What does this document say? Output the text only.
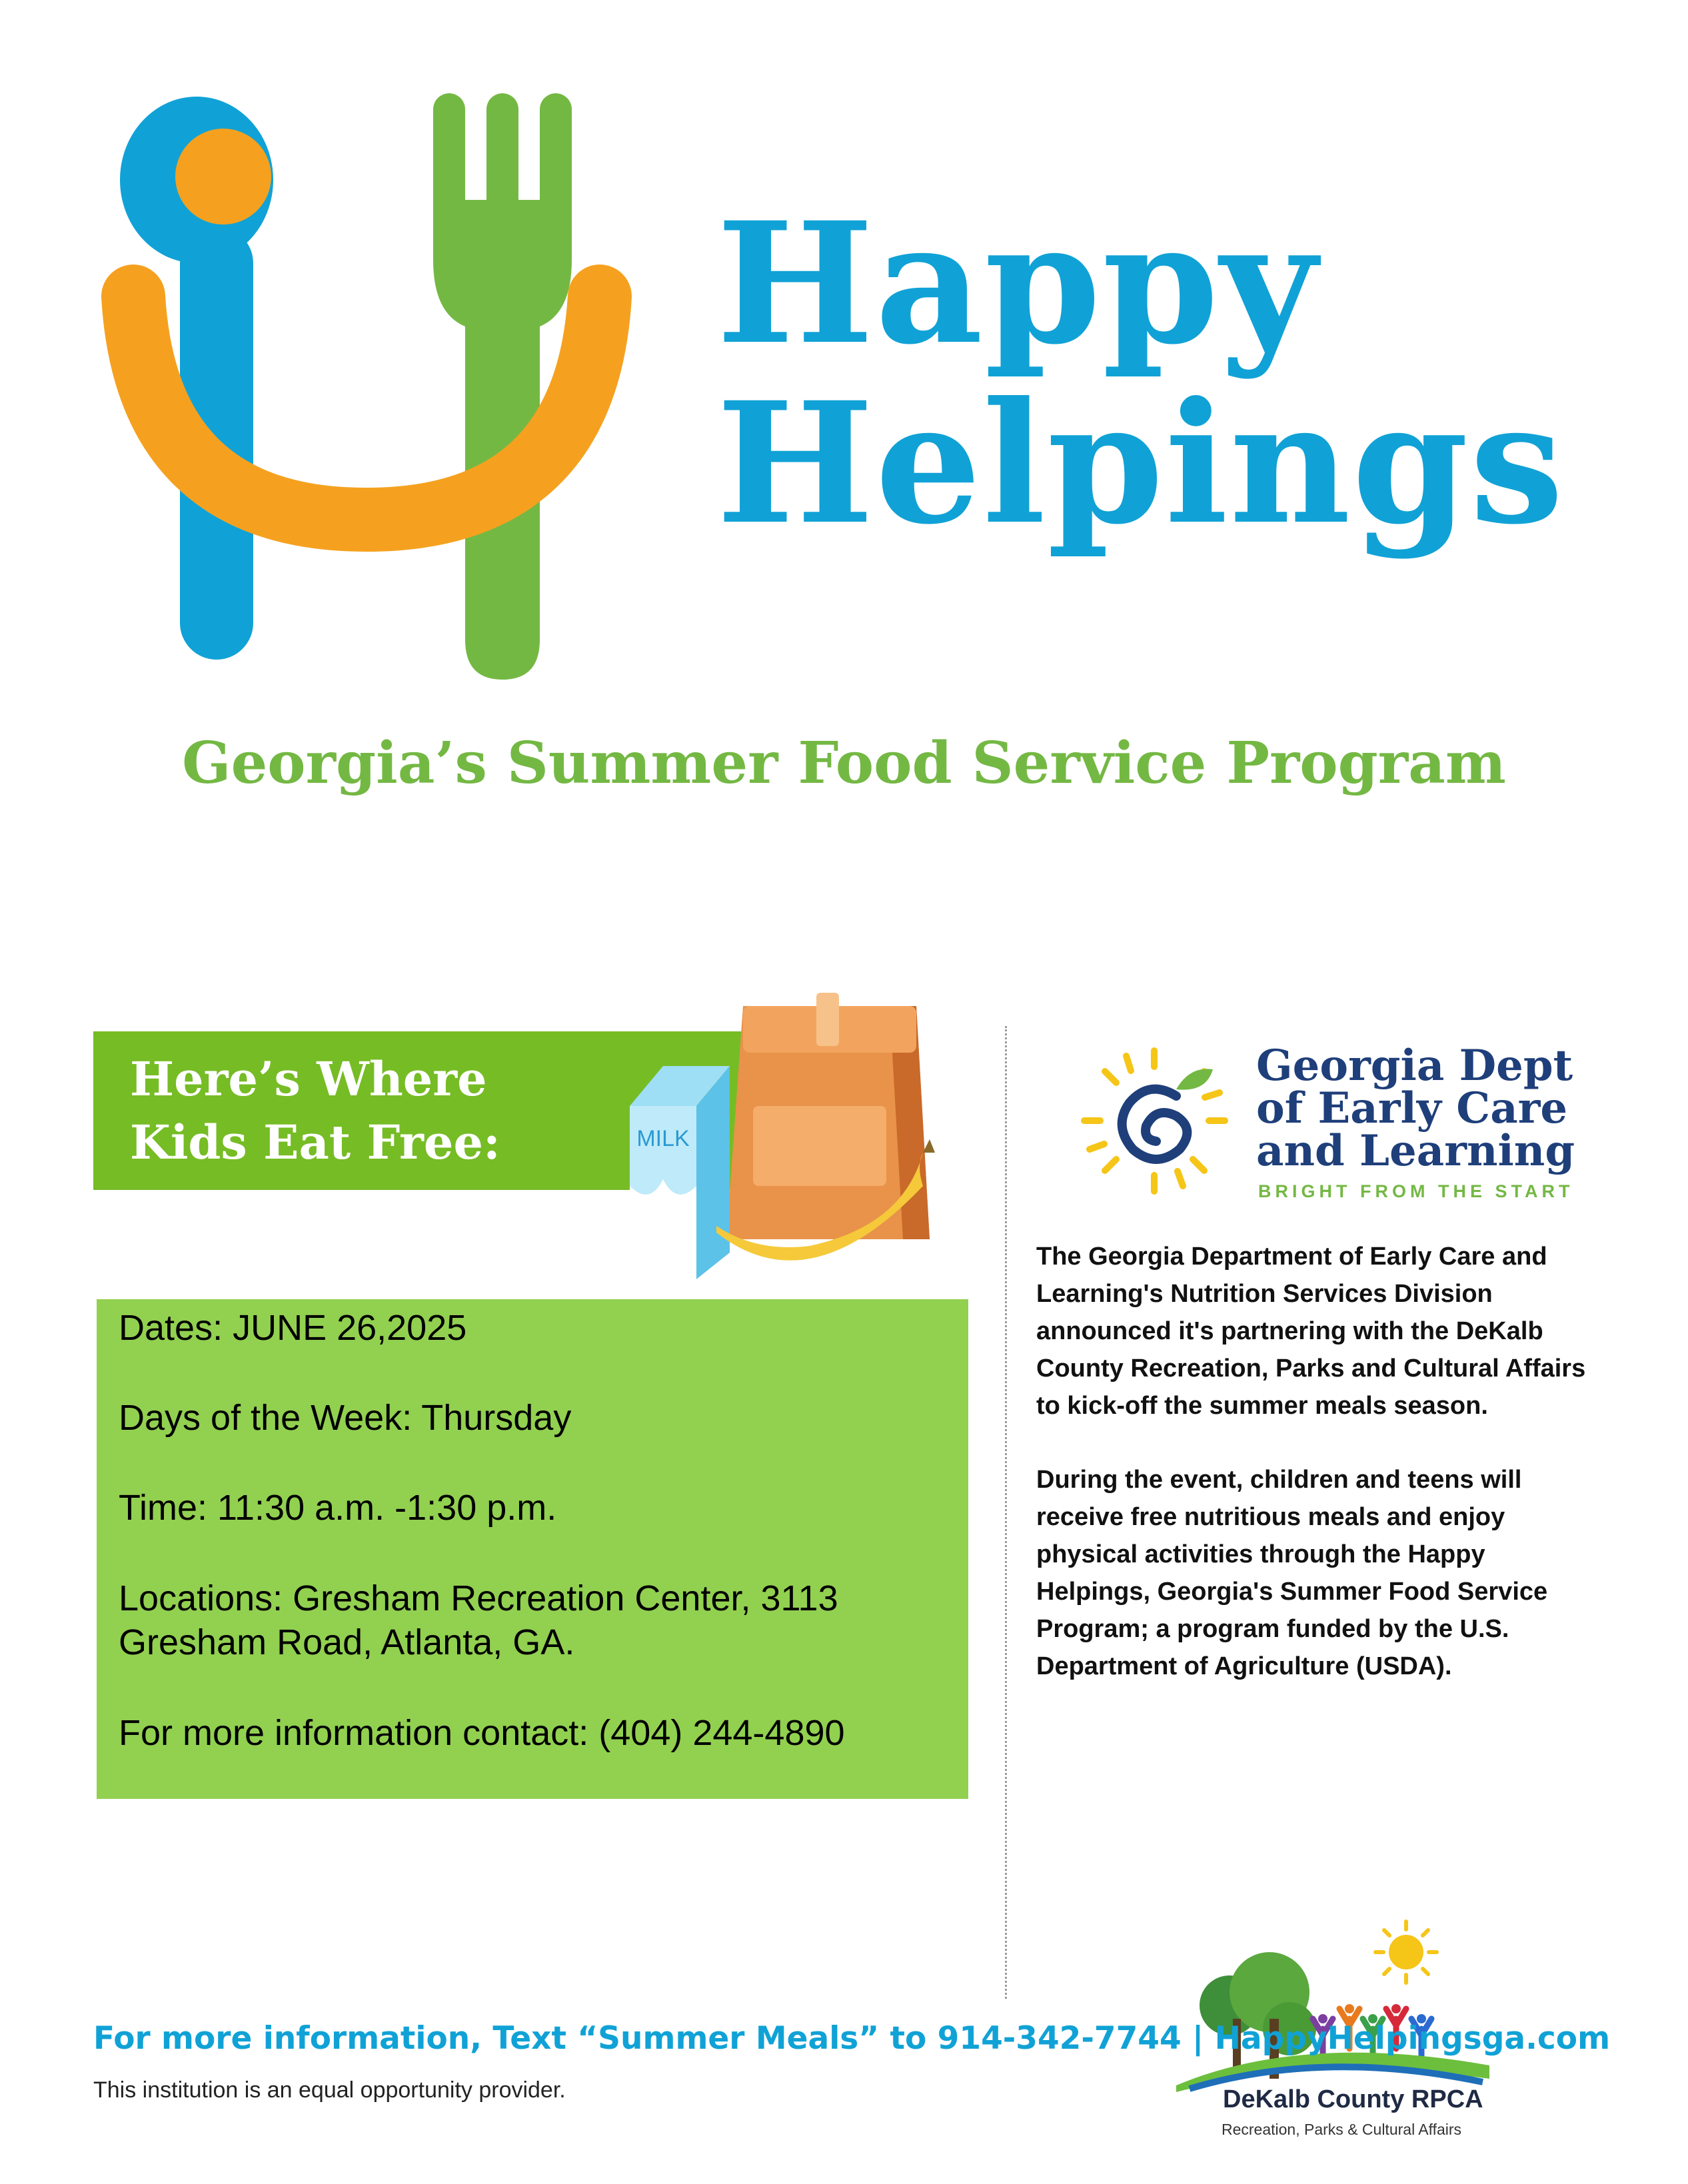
Happy
Helpings
Georgia’s Summer Food Service Program
Here’s Where
Kids Eat Free:	MILK
Dates: JUNE 26,2025
Days of the Week: Thursday
Time: 11:30 a.m. -1:30 p.m.
Locations: Gresham Recreation Center, 3113
Gresham Road, Atlanta, GA.
For more information contact: (404) 244-4890
Georgia Dept
of Early Care
and Learning
BRIGHT FROM THE START
The Georgia Department of Early Care and
Learning's Nutrition Services Division
announced it's partnering with the DeKalb
County Recreation, Parks and Cultural Affairs
to kick-off the summer meals season.
During the event, children and teens will
receive free nutritious meals and enjoy
physical activities through the Happy
Helpings, Georgia's Summer Food Service
Program; a program funded by the U.S.
Department of Agriculture (USDA).
DeKalb County RPCA
Recreation, Parks & Cultural Affairs
For more information, Text “Summer Meals” to 914-342-7744 | HappyHelpingsga.com
This institution is an equal opportunity provider.
